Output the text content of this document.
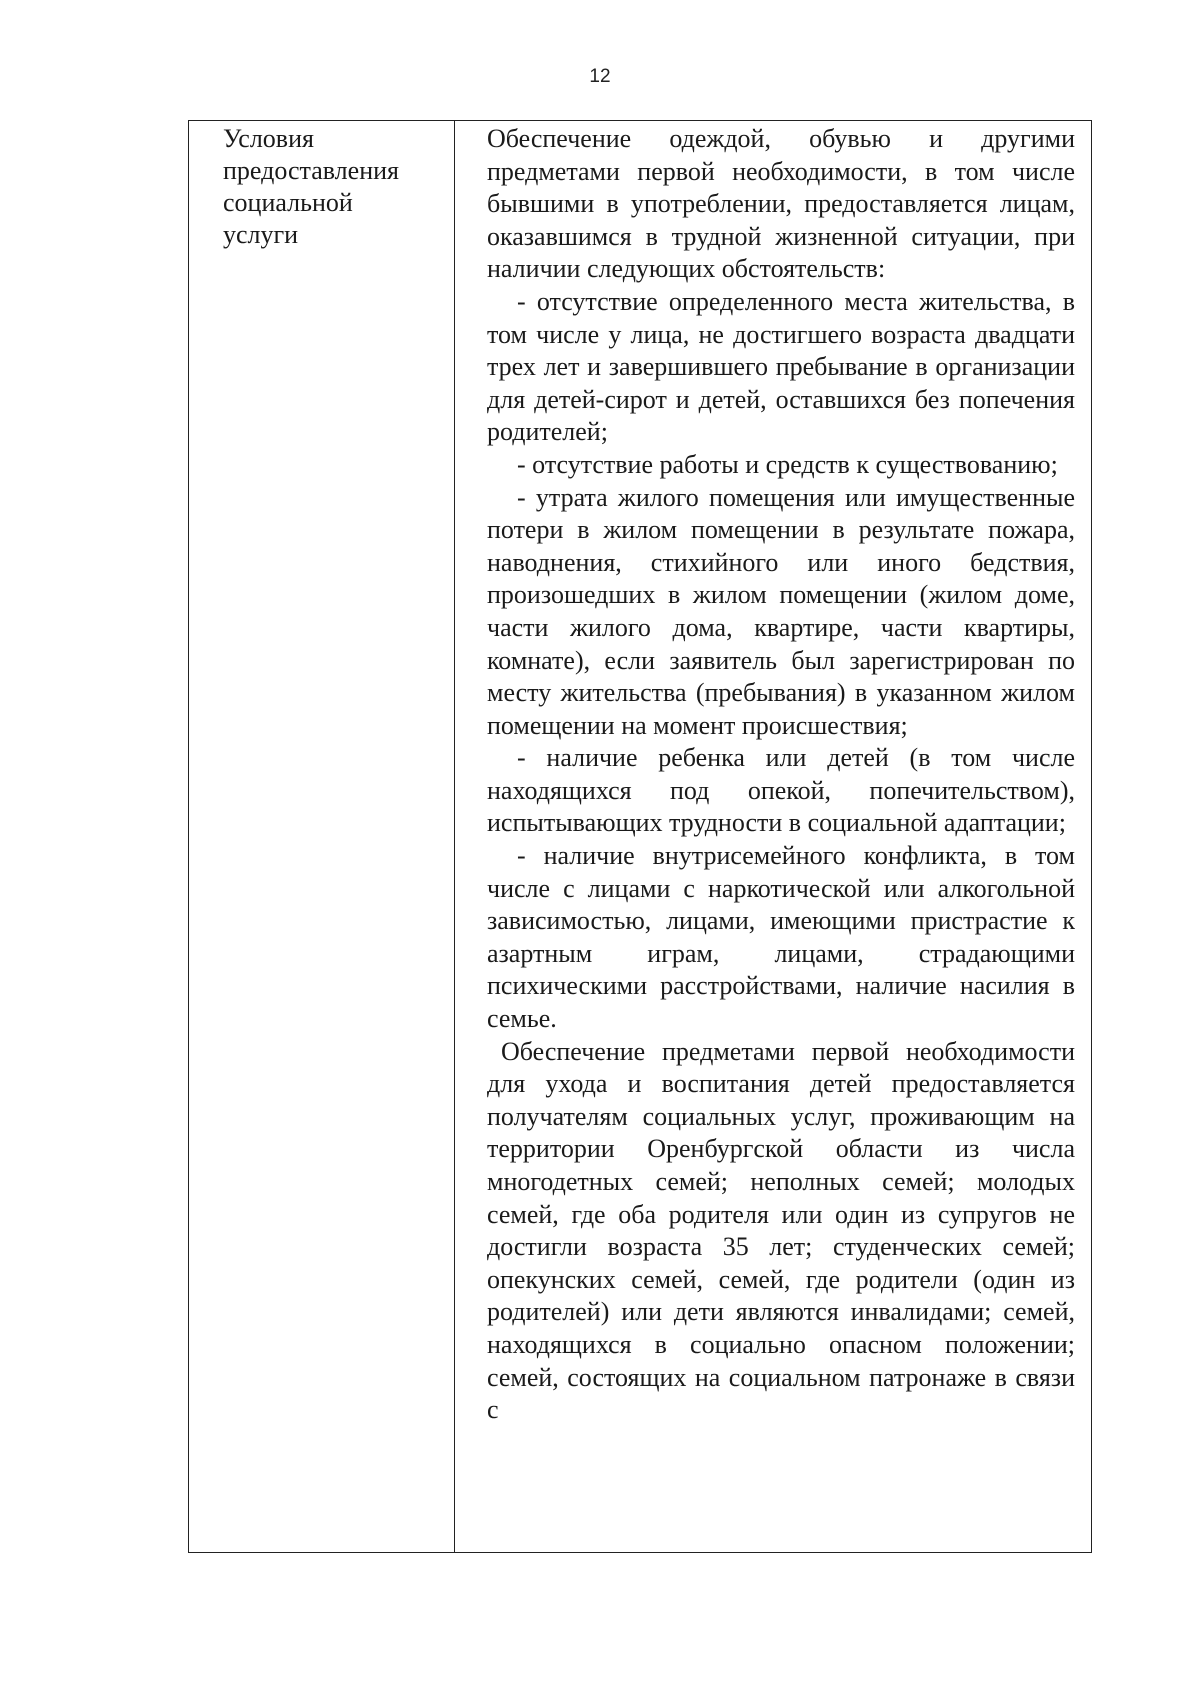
12
Условия
предоставления
социальной
услуги

Обеспечение одеждой, обувью и другими предметами первой необходимости, в том числе бывшими в употреблении, предоставляется лицам, оказавшимся в трудной жизненной ситуации, при наличии следующих обстоятельств:

- отсутствие определенного места жительства, в том числе у лица, не достигшего возраста двадцати трех лет и завершившего пребывание в организации для детей-сирот и детей, оставшихся без попечения родителей;

- отсутствие работы и средств к существованию;

- утрата жилого помещения или имущественные потери в жилом помещении в результате пожара, наводнения, стихийного или иного бедствия, произошедших в жилом помещении (жилом доме, части жилого дома, квартире, части квартиры, комнате), если заявитель был зарегистрирован по месту жительства (пребывания) в указанном жилом помещении на момент происшествия;

- наличие ребенка или детей (в том числе находящихся под опекой, попечительством), испытывающих трудности в социальной адаптации;

- наличие внутрисемейного конфликта, в том числе с лицами с наркотической или алкогольной зависимостью, лицами, имеющими пристрастие к азартным играм, лицами, страдающими психическими расстройствами, наличие насилия в семье.

Обеспечение предметами первой необходимости для ухода и воспитания детей предоставляется получателям социальных услуг, проживающим на территории Оренбургской области из числа многодетных семей; неполных семей; молодых семей, где оба родителя или один из супругов не достигли возраста 35 лет; студенческих семей; опекунских семей, семей, где родители (один из родителей) или дети являются инвалидами; семей, находящихся в социально опасном положении; семей, состоящих на социальном патронаже в связи с
